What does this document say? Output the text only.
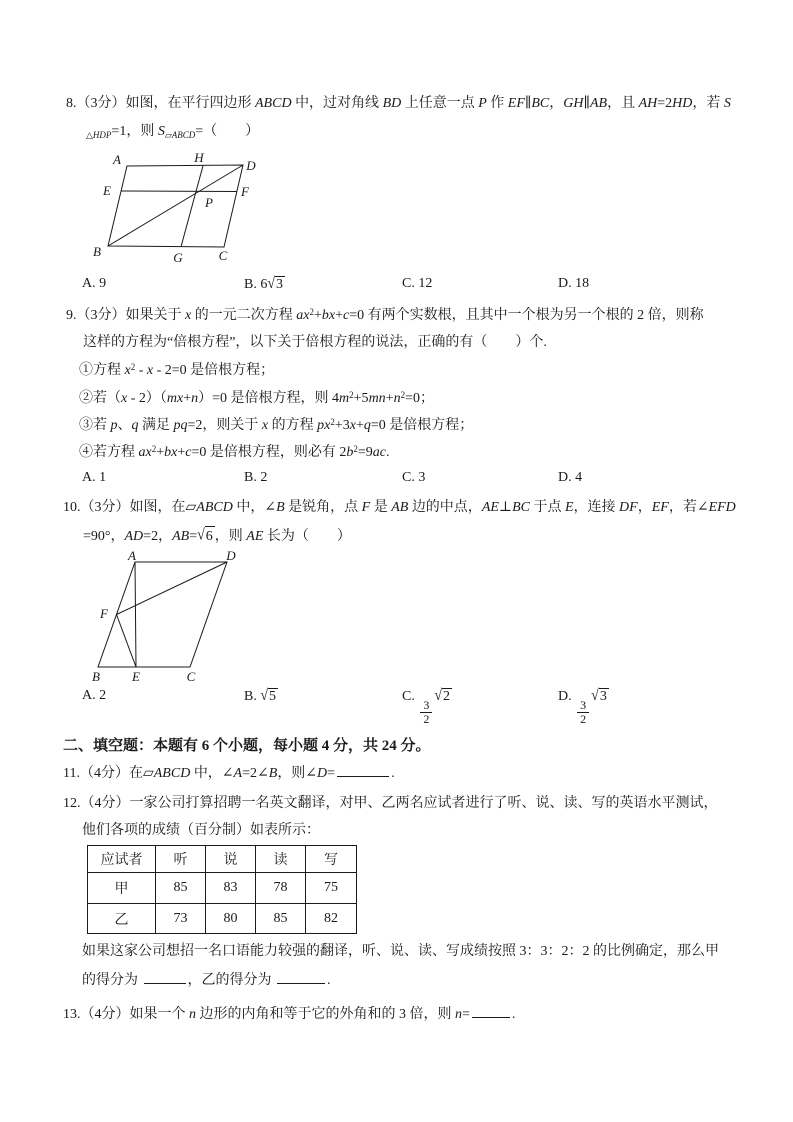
8.（3分）如图，在平行四边形 ABCD 中，过对角线 BD 上任意一点 P 作 EF∥BC，GH∥AB，且 AH=2HD，若 S
$_{\triangle HDP}$=1，则 $S_{▱ABCD}=$（　　）
A	H
D
E	F
P
B	G	C
A. 9	B. 6√3	C. 12	D. 18
9.（3分）如果关于 x 的一元二次方程 $ax^2+bx+c=0$ 有两个实数根，且其中一个根为另一个根的 2 倍，则称
这样的方程为“倍根方程”，以下关于倍根方程的说法，正确的有（　　）个.
①方程 $x^2 - x - 2=0$ 是倍根方程；
②若（x - 2）（mx+n）=0 是倍根方程，则 $4m^2+5mn+n^2=0$；
③若 p、q 满足 pq=2，则关于 x 的方程 $px^2+3x+q=0$ 是倍根方程；
④若方程 $ax^2+bx+c=0$ 是倍根方程，则必有 $2b^2=9ac$.
A. 1	B. 2	C. 3	D. 4
10.（3分）如图，在▱ABCD 中，∠B 是锐角，点 F 是 AB 边的中点，AE⊥BC 于点 E，连接 DF，EF，若∠EFD
=90°，AD=2，AB=√6 ，则 AE 长为（　　）
A	D
F
B E	C
A. 2	B. √5	C.
$\frac{3}{2}$
√2	D.
$\frac{3}{2}$
√3
二、填空题：本题有 6 个小题，每小题 4 分，共 24 分。
11.（4分）在▱ABCD 中，∠A=2∠B，则∠D=	.
12.（4分）一家公司打算招聘一名英文翻译，对甲、乙两名应试者进行了听、说、读、写的英语水平测试，
他们各项的成绩（百分制）如表所示：
应试者	听	说	读	写
甲	85	83	78	75
乙	73	80	85	82
如果这家公司想招一名口语能力较强的翻译，听、说、读、写成绩按照 3：3：2：2 的比例确定，那么甲
的得分为	，乙的得分为	.
13.（4分）如果一个 n 边形的内角和等于它的外角和的 3 倍，则 n=	.
